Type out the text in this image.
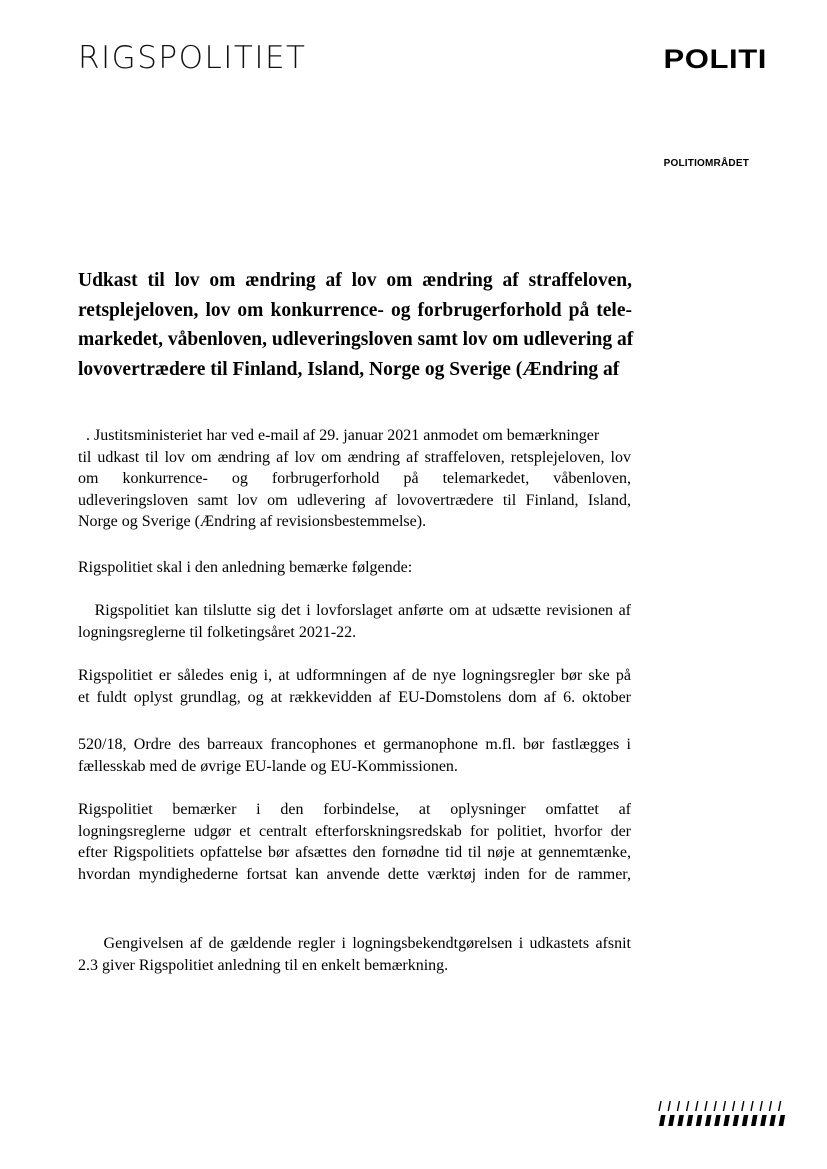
RIGSPOLITIET	POLITI
POLITIOMRÅDET
Udkast til lov om ændring af lov om ændring af straffeloven,
retsplejeloven, lov om konkurrence- og forbrugerforhold på tele-
markedet, våbenloven, udleveringsloven samt lov om udlevering af
lovovertrædere til Finland, Island, Norge og Sverige (Ændring af
. Justitsministeriet har ved e-mail af 29. januar 2021 anmodet om bemærkninger
til udkast til lov om ændring af lov om ændring af straffeloven, retsplejeloven, lov
om konkurrence- og forbrugerforhold på telemarkedet, våbenloven,
udleveringsloven samt lov om udlevering af lovovertrædere til Finland, Island,
Norge og Sverige (Ændring af revisionsbestemmelse).
Rigspolitiet skal i den anledning bemærke følgende:
Rigspolitiet kan tilslutte sig det i lovforslaget anførte om at udsætte revisionen af
logningsreglerne til folketingsåret 2021-22.
Rigspolitiet er således enig i, at udformningen af de nye logningsregler bør ske på
et fuldt oplyst grundlag, og at rækkevidden af EU-Domstolens dom af 6. oktober
520/18, Ordre des barreaux francophones et germanophone m.fl. bør fastlægges i
fællesskab med de øvrige EU-lande og EU-Kommissionen.
Rigspolitiet bemærker i den forbindelse, at oplysninger omfattet af
logningsreglerne udgør et centralt efterforskningsredskab for politiet, hvorfor der
efter Rigspolitiets opfattelse bør afsættes den fornødne tid til nøje at gennemtænke,
hvordan myndighederne fortsat kan anvende dette værktøj inden for de rammer,
Gengivelsen af de gældende regler i logningsbekendtgørelsen i udkastets afsnit
2.3 giver Rigspolitiet anledning til en enkelt bemærkning.
